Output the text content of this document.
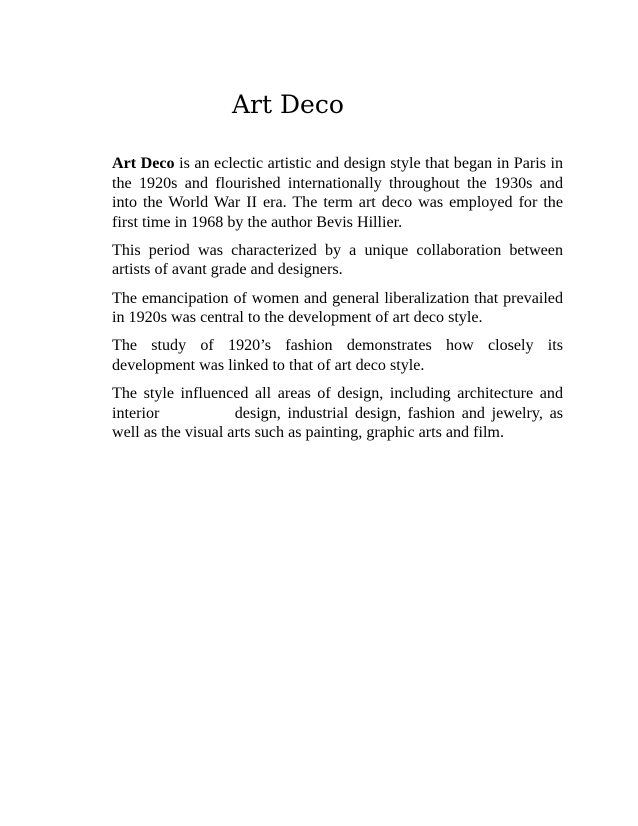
Art Deco

Art Deco is an eclectic artistic and design style that began in Paris in the 1920s and flourished internationally throughout the 1930s and into the World War II era. The term art deco was employed for the first time in 1968 by the author Bevis Hillier.

This period was characterized by a unique collaboration between artists of avant grade and designers.

The emancipation of women and general liberalization that prevailed in 1920s was central to the development of art deco style.

The study of 1920’s fashion demonstrates how closely its development was linked to that of art deco style.

The style influenced all areas of design, including architecture and interior	design, industrial design, fashion and jewelry, as well as the visual arts such as painting, graphic arts and film.
